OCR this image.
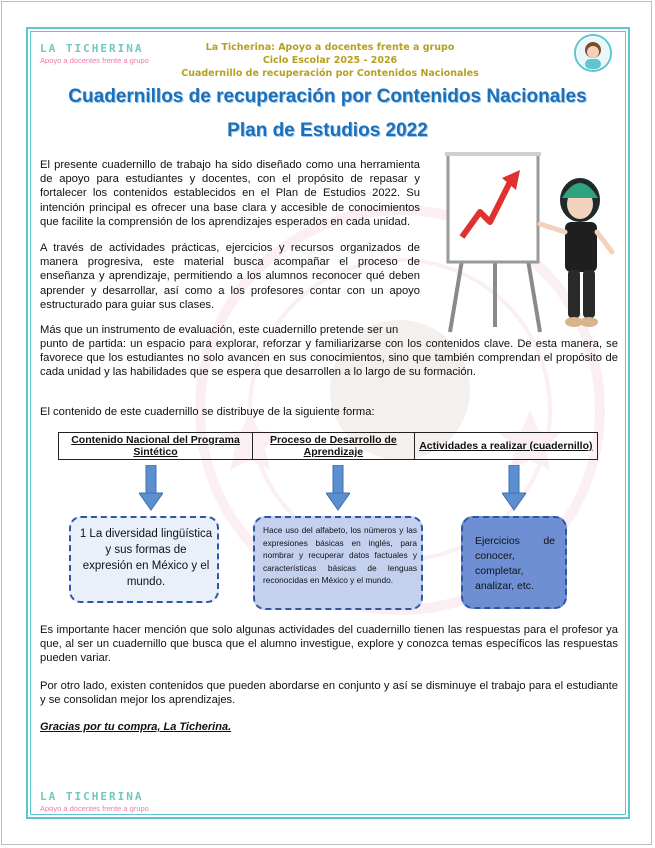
LA TICHERINA
Apoyo a docentes frente a grupo
La Ticherina: Apoyo a docentes frente a grupo
Ciclo Escolar 2025 - 2026
Cuadernillo de recuperación por Contenidos Nacionales
Cuadernillos de recuperación por Contenidos Nacionales
Plan de Estudios 2022
El presente cuadernillo de trabajo ha sido diseñado como una herramienta de apoyo para estudiantes y docentes, con el propósito de repasar y fortalecer los contenidos establecidos en el Plan de Estudios 2022. Su intención principal es ofrecer una base clara y accesible de conocimientos que facilite la comprensión de los aprendizajes esperados en cada unidad.
A través de actividades prácticas, ejercicios y recursos organizados de manera progresiva, este material busca acompañar el proceso de enseñanza y aprendizaje, permitiendo a los alumnos reconocer qué deben aprender y desarrollar, así como a los profesores contar con un apoyo estructurado para guiar sus clases.
Más que un instrumento de evaluación, este cuadernillo pretende ser un
punto de partida: un espacio para explorar, reforzar y familiarizarse con los contenidos clave. De esta manera, se favorece que los estudiantes no solo avancen en sus conocimientos, sino que también comprendan el propósito de cada unidad y las habilidades que se espera que desarrollen a lo largo de su formación.
El contenido de este cuadernillo se distribuye de la siguiente forma:
Contenido Nacional del Programa Sintético	Proceso de Desarrollo de Aprendizaje	Actividades a realizar (cuadernillo)
1 La diversidad lingüística y sus formas de expresión en México y el mundo.
Hace uso del alfabeto, los números y las expresiones básicas en inglés, para nombrar y recuperar datos factuales y características básicas de lenguas reconocidas en México y el mundo.
Ejercicios de
conocer, completar, analizar, etc.
Es importante hacer mención que solo algunas actividades del cuadernillo tienen las respuestas para el profesor ya que, al ser un cuadernillo que busca que el alumno investigue, explore y conozca temas específicos las respuestas pueden variar.
Por otro lado, existen contenidos que pueden abordarse en conjunto y así se disminuye el trabajo para el estudiante y se consolidan mejor los aprendizajes.
Gracias por tu compra, La Ticherina.
LA TICHERINA
Apoyo a docentes frente a grupo
